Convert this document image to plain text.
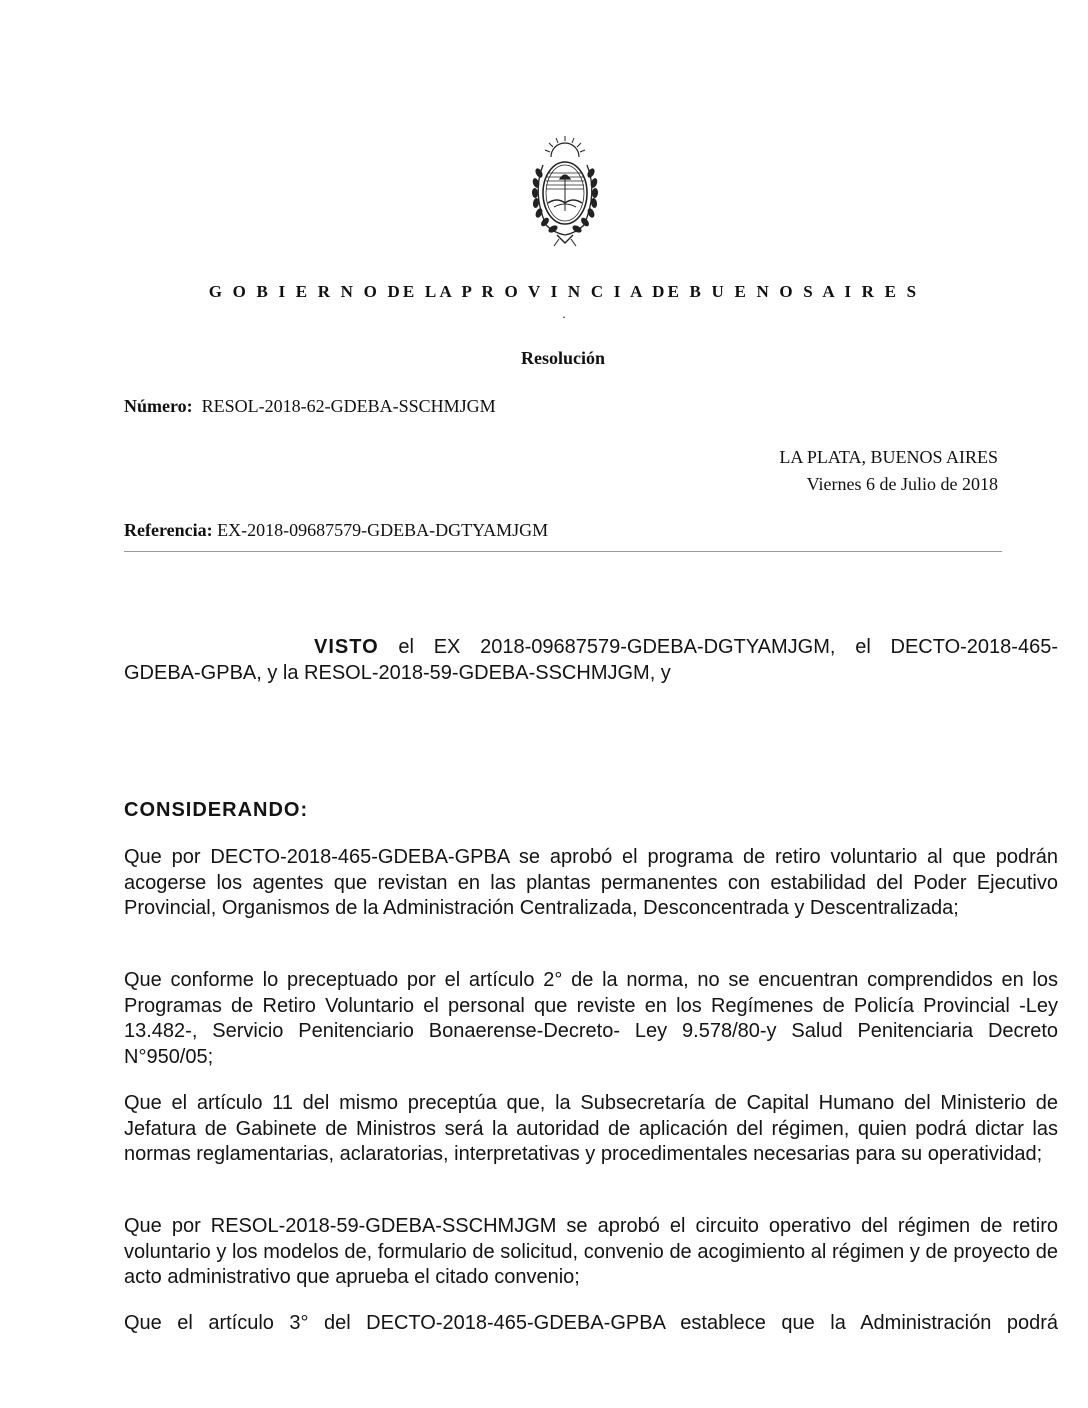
G O B I E R N O DE LA P R O V I N C I A DE B U E N O S A I R E S
.
Resolución
Número: RESOL-2018-62-GDEBA-SSCHMJGM
LA PLATA, BUENOS AIRES
Viernes 6 de Julio de 2018
Referencia: EX-2018-09687579-GDEBA-DGTYAMJGM
VISTO el EX 2018-09687579-GDEBA-DGTYAMJGM, el DECTO-2018-465-GDEBA-GPBA, y la RESOL-2018-59-GDEBA-SSCHMJGM, y
CONSIDERANDO:
Que por DECTO-2018-465-GDEBA-GPBA se aprobó el programa de retiro voluntario al que podrán acogerse los agentes que revistan en las plantas permanentes con estabilidad del Poder Ejecutivo Provincial, Organismos de la Administración Centralizada, Desconcentrada y Descentralizada;
Que conforme lo preceptuado por el artículo 2° de la norma, no se encuentran comprendidos en los Programas de Retiro Voluntario el personal que reviste en los Regímenes de Policía Provincial -Ley 13.482-, Servicio Penitenciario Bonaerense-Decreto- Ley 9.578/80-y Salud Penitenciaria Decreto N°950/05;
Que el artículo 11 del mismo preceptúa que, la Subsecretaría de Capital Humano del Ministerio de Jefatura de Gabinete de Ministros será la autoridad de aplicación del régimen, quien podrá dictar las normas reglamentarias, aclaratorias, interpretativas y procedimentales necesarias para su operatividad;
Que por RESOL-2018-59-GDEBA-SSCHMJGM se aprobó el circuito operativo del régimen de retiro voluntario y los modelos de, formulario de solicitud, convenio de acogimiento al régimen y de proyecto de acto administrativo que aprueba el citado convenio;
Que el artículo 3° del DECTO-2018-465-GDEBA-GPBA establece que la Administración podrá
